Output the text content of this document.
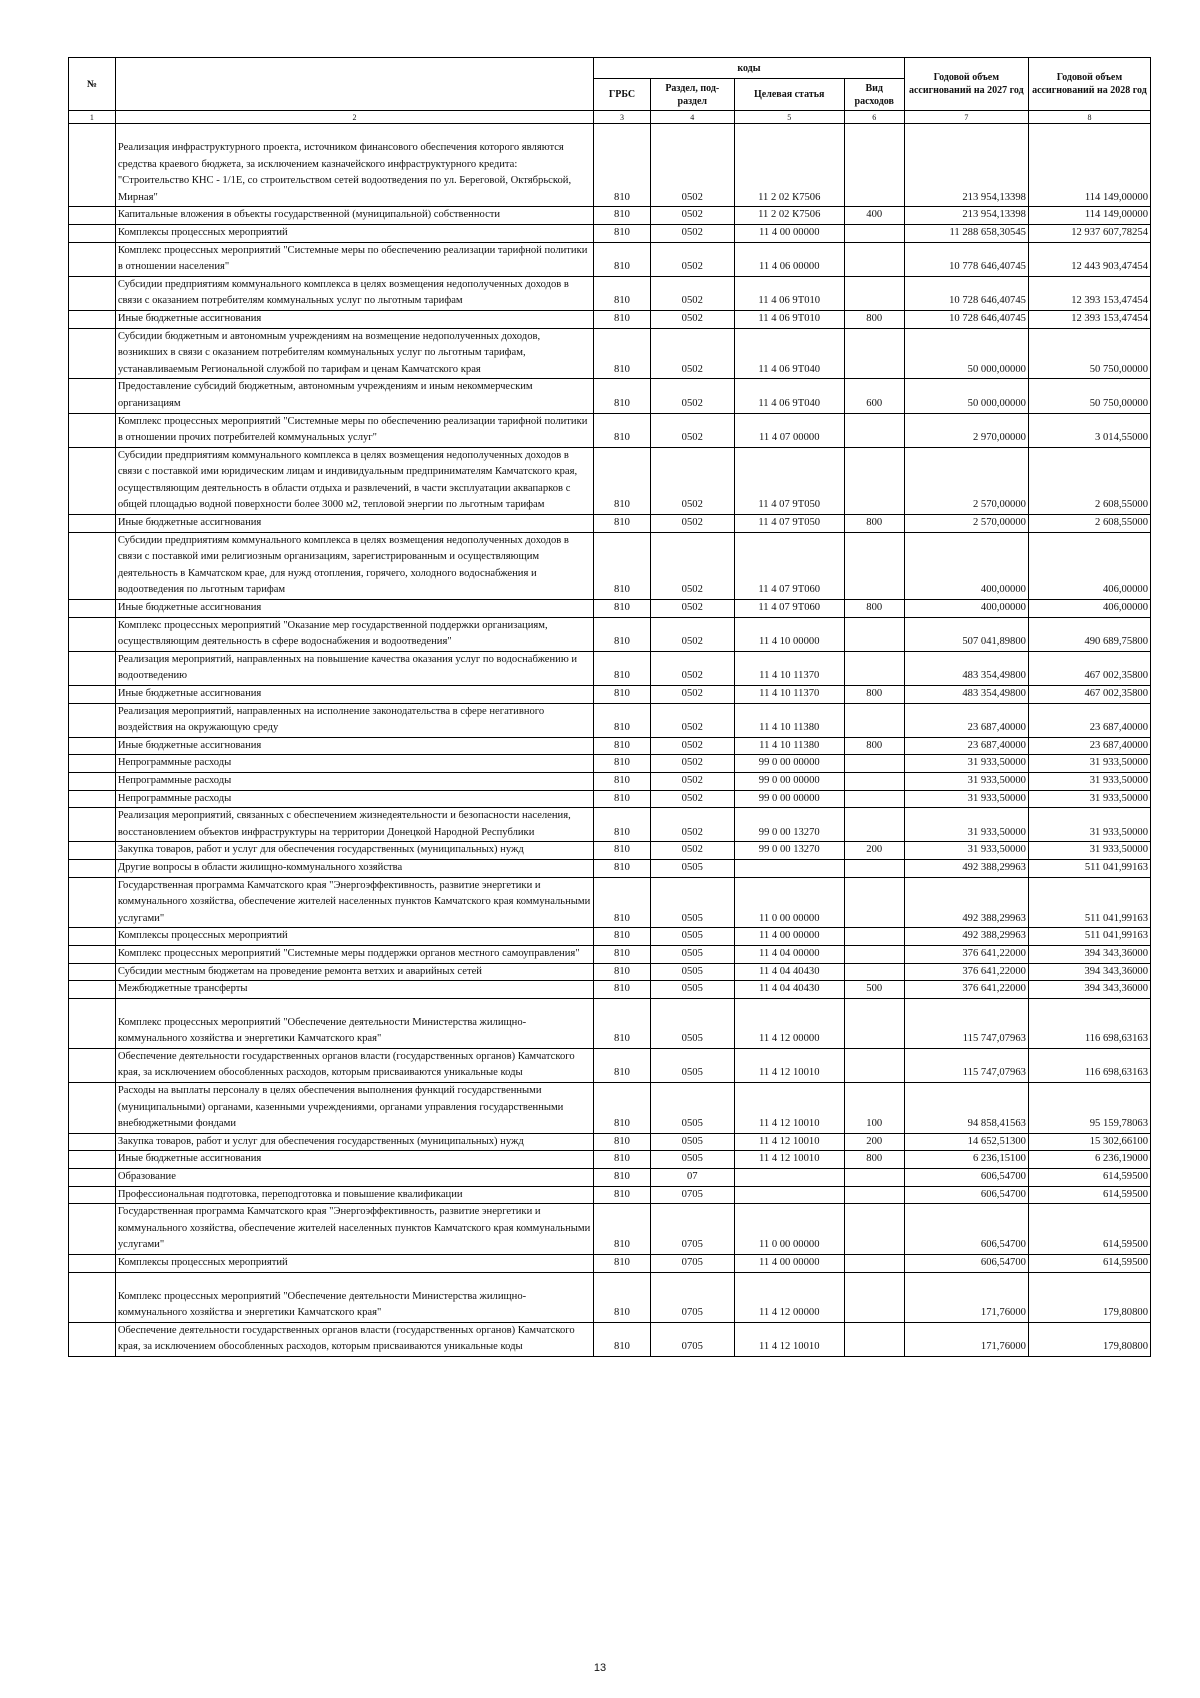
№		коды				Годовой объем ассигнований на 2027 год	Годовой объем ассигнований на 2028 год
		ГРБС	Раздел, под-раздел	Целевая статья	Вид расходов		
1	2	3	4	5	6	7	8
	Реализация инфраструктурного проекта, источником финансового обеспечения которого являются средства краевого бюджета, за исключением казначейского инфраструктурного кредита: "Строительство КНС - 1/1Е, со строительством сетей водоотведения по ул. Береговой, Октябрьской, Мирная"	810	0502	11 2 02 К7506		213 954,13398	114 149,00000
	Капитальные вложения в объекты государственной (муниципальной) собственности	810	0502	11 2 02 К7506	400	213 954,13398	114 149,00000
	Комплексы процессных мероприятий	810	0502	11 4 00 00000		11 288 658,30545	12 937 607,78254
	Комплекс процессных мероприятий "Системные меры по обеспечению реализации тарифной политики в отношении населения"	810	0502	11 4 06 00000		10 778 646,40745	12 443 903,47454
	Субсидии предприятиям коммунального комплекса в целях возмещения недополученных доходов в связи с оказанием потребителям коммунальных услуг по льготным тарифам	810	0502	11 4 06 9Т010		10 728 646,40745	12 393 153,47454
	Иные бюджетные ассигнования	810	0502	11 4 06 9Т010	800	10 728 646,40745	12 393 153,47454
	Субсидии бюджетным и автономным учреждениям на возмещение недополученных доходов, возникших в связи с оказанием потребителям коммунальных услуг по льготным тарифам, устанавливаемым Региональной службой по тарифам и ценам Камчатского края	810	0502	11 4 06 9Т040		50 000,00000	50 750,00000
	Предоставление субсидий бюджетным, автономным учреждениям и иным некоммерческим организациям	810	0502	11 4 06 9Т040	600	50 000,00000	50 750,00000
	Комплекс процессных мероприятий "Системные меры по обеспечению реализации тарифной политики в отношении прочих потребителей коммунальных услуг"	810	0502	11 4 07 00000		2 970,00000	3 014,55000
	Субсидии предприятиям коммунального комплекса в целях возмещения недополученных доходов в связи с поставкой ими юридическим лицам и индивидуальным предпринимателям Камчатского края, осуществляющим деятельность в области отдыха и развлечений, в части эксплуатации аквапарков с общей площадью водной поверхности более 3000 м2, тепловой энергии по льготным тарифам	810	0502	11 4 07 9Т050		2 570,00000	2 608,55000
	Иные бюджетные ассигнования	810	0502	11 4 07 9Т050	800	2 570,00000	2 608,55000
	Субсидии предприятиям коммунального комплекса в целях возмещения недополученных доходов в связи с поставкой ими религиозным организациям, зарегистрированным и осуществляющим деятельность в Камчатском крае, для нужд отопления, горячего, холодного водоснабжения и водоотведения по льготным тарифам	810	0502	11 4 07 9Т060		400,00000	406,00000
	Иные бюджетные ассигнования	810	0502	11 4 07 9Т060	800	400,00000	406,00000
	Комплекс процессных мероприятий "Оказание мер государственной поддержки организациям, осуществляющим деятельность в сфере водоснабжения и водоотведения"	810	0502	11 4 10 00000		507 041,89800	490 689,75800
	Реализация мероприятий, направленных на повышение качества оказания услуг по водоснабжению и водоотведению	810	0502	11 4 10 11370		483 354,49800	467 002,35800
	Иные бюджетные ассигнования	810	0502	11 4 10 11370	800	483 354,49800	467 002,35800
	Реализация мероприятий, направленных на исполнение законодательства в сфере негативного воздействия на окружающую среду	810	0502	11 4 10 11380		23 687,40000	23 687,40000
	Иные бюджетные ассигнования	810	0502	11 4 10 11380	800	23 687,40000	23 687,40000
	Непрограммные расходы	810	0502	99 0 00 00000		31 933,50000	31 933,50000
	Непрограммные расходы	810	0502	99 0 00 00000		31 933,50000	31 933,50000
	Непрограммные расходы	810	0502	99 0 00 00000		31 933,50000	31 933,50000
	Реализация мероприятий, связанных с обеспечением жизнедеятельности и безопасности населения, восстановлением объектов инфраструктуры на территории Донецкой Народной Республики	810	0502	99 0 00 13270		31 933,50000	31 933,50000
	Закупка товаров, работ и услуг для обеспечения государственных (муниципальных) нужд	810	0502	99 0 00 13270	200	31 933,50000	31 933,50000
	Другие вопросы в области жилищно-коммунального хозяйства	810	0505			492 388,29963	511 041,99163
	Государственная программа Камчатского края "Энергоэффективность, развитие энергетики и коммунального хозяйства, обеспечение жителей населенных пунктов Камчатского края коммунальными услугами"	810	0505	11 0 00 00000		492 388,29963	511 041,99163
	Комплексы процессных мероприятий	810	0505	11 4 00 00000		492 388,29963	511 041,99163
	Комплекс процессных мероприятий "Системные меры поддержки органов местного самоуправления"	810	0505	11 4 04 00000		376 641,22000	394 343,36000
	Субсидии местным бюджетам на проведение ремонта ветхих и аварийных сетей	810	0505	11 4 04 40430		376 641,22000	394 343,36000
	Межбюджетные трансферты	810	0505	11 4 04 40430	500	376 641,22000	394 343,36000
	Комплекс процессных мероприятий "Обеспечение деятельности Министерства жилищно-коммунального хозяйства и энергетики Камчатского края"	810	0505	11 4 12 00000		115 747,07963	116 698,63163
	Обеспечение деятельности государственных органов власти (государственных органов) Камчатского края, за исключением обособленных расходов, которым присваиваются уникальные коды	810	0505	11 4 12 10010		115 747,07963	116 698,63163
	Расходы на выплаты персоналу в целях обеспечения выполнения функций государственными (муниципальными) органами, казенными учреждениями, органами управления государственными внебюджетными фондами	810	0505	11 4 12 10010	100	94 858,41563	95 159,78063
	Закупка товаров, работ и услуг для обеспечения государственных (муниципальных) нужд	810	0505	11 4 12 10010	200	14 652,51300	15 302,66100
	Иные бюджетные ассигнования	810	0505	11 4 12 10010	800	6 236,15100	6 236,19000
	Образование	810	07			606,54700	614,59500
	Профессиональная подготовка, переподготовка и повышение квалификации	810	0705			606,54700	614,59500
	Государственная программа Камчатского края "Энергоэффективность, развитие энергетики и коммунального хозяйства, обеспечение жителей населенных пунктов Камчатского края коммунальными услугами"	810	0705	11 0 00 00000		606,54700	614,59500
	Комплексы процессных мероприятий	810	0705	11 4 00 00000		606,54700	614,59500
	Комплекс процессных мероприятий "Обеспечение деятельности Министерства жилищно-коммунального хозяйства и энергетики Камчатского края"	810	0705	11 4 12 00000		171,76000	179,80800
	Обеспечение деятельности государственных органов власти (государственных органов) Камчатского края, за исключением обособленных расходов, которым присваиваются уникальные коды	810	0705	11 4 12 10010		171,76000	179,80800
13
